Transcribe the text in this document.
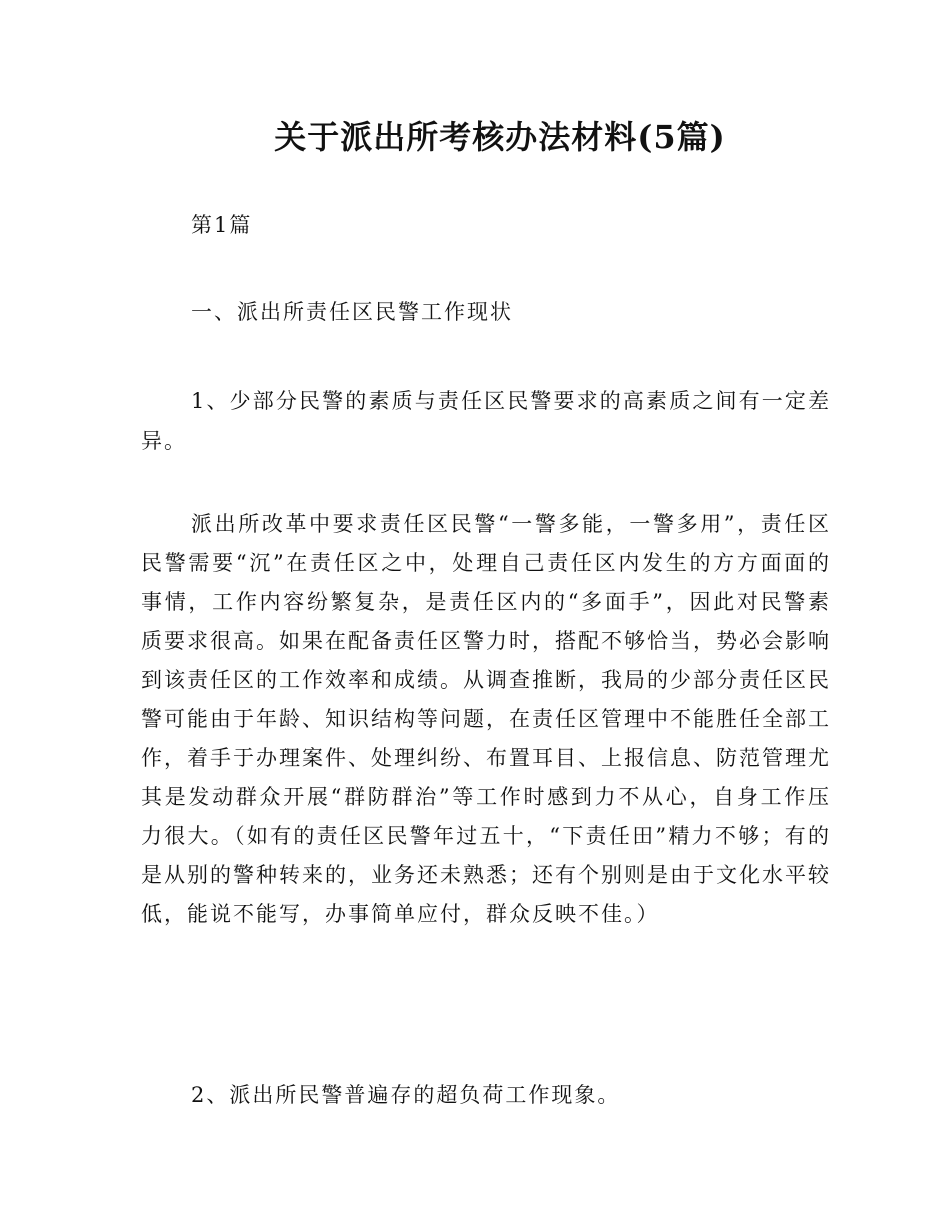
关于派出所考核办法材料(5篇)
第1篇
一、派出所责任区民警工作现状
1、少部分民警的素质与责任区民警要求的高素质之间有一定差异。
派出所改革中要求责任区民警“一警多能，一警多用”，责任区民警需要“沉”在责任区之中，处理自己责任区内发生的方方面面的事情，工作内容纷繁复杂，是责任区内的“多面手”，因此对民警素质要求很高。如果在配备责任区警力时，搭配不够恰当，势必会影响到该责任区的工作效率和成绩。从调查推断，我局的少部分责任区民警可能由于年龄、知识结构等问题，在责任区管理中不能胜任全部工作，着手于办理案件、处理纠纷、布置耳目、上报信息、防范管理尤其是发动群众开展“群防群治”等工作时感到力不从心，自身工作压力很大。（如有的责任区民警年过五十，“下责任田”精力不够；有的是从别的警种转来的，业务还未熟悉；还有个别则是由于文化水平较低，能说不能写，办事简单应付，群众反映不佳。）
2、派出所民警普遍存的超负荷工作现象。
